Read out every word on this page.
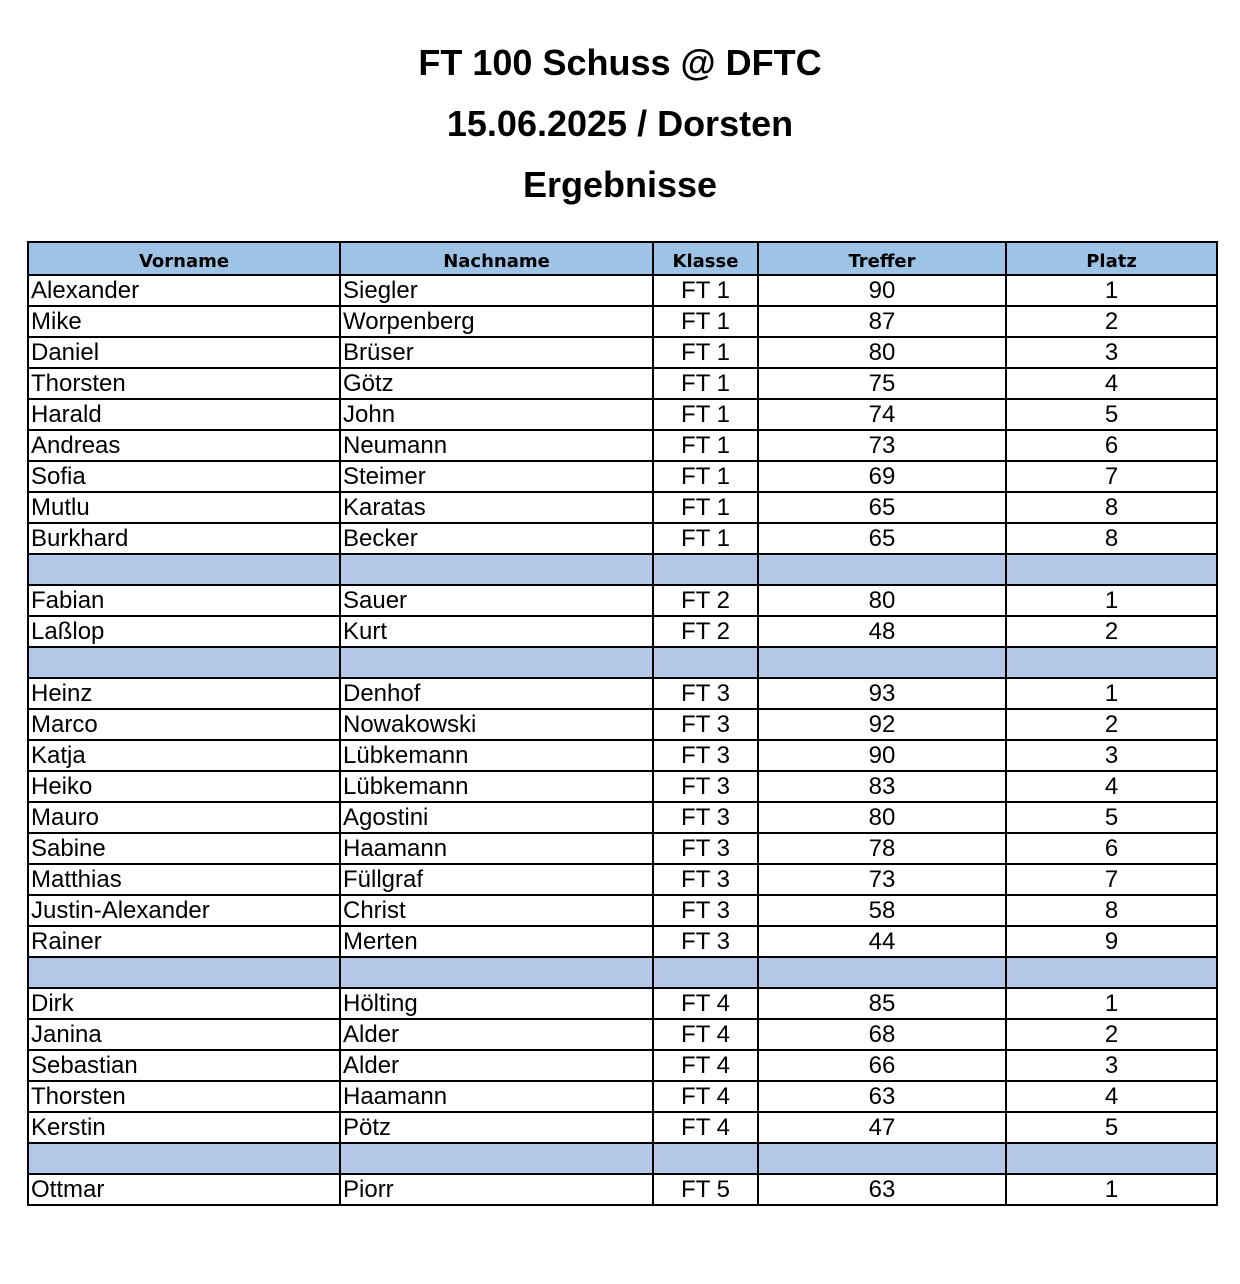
FT 100 Schuss @ DFTC
15.06.2025 / Dorsten
Ergebnisse
Vorname	Nachname	Klasse	Treffer	Platz
Alexander	Siegler	FT 1	90	1
Mike	Worpenberg	FT 1	87	2
Daniel	Brüser	FT 1	80	3
Thorsten	Götz	FT 1	75	4
Harald	John	FT 1	74	5
Andreas	Neumann	FT 1	73	6
Sofia	Steimer	FT 1	69	7
Mutlu	Karatas	FT 1	65	8
Burkhard	Becker	FT 1	65	8

Fabian	Sauer	FT 2	80	1
Laßlop	Kurt	FT 2	48	2

Heinz	Denhof	FT 3	93	1
Marco	Nowakowski	FT 3	92	2
Katja	Lübkemann	FT 3	90	3
Heiko	Lübkemann	FT 3	83	4
Mauro	Agostini	FT 3	80	5
Sabine	Haamann	FT 3	78	6
Matthias	Füllgraf	FT 3	73	7
Justin-Alexander	Christ	FT 3	58	8
Rainer	Merten	FT 3	44	9

Dirk	Hölting	FT 4	85	1
Janina	Alder	FT 4	68	2
Sebastian	Alder	FT 4	66	3
Thorsten	Haamann	FT 4	63	4
Kerstin	Pötz	FT 4	47	5

Ottmar	Piorr	FT 5	63	1
